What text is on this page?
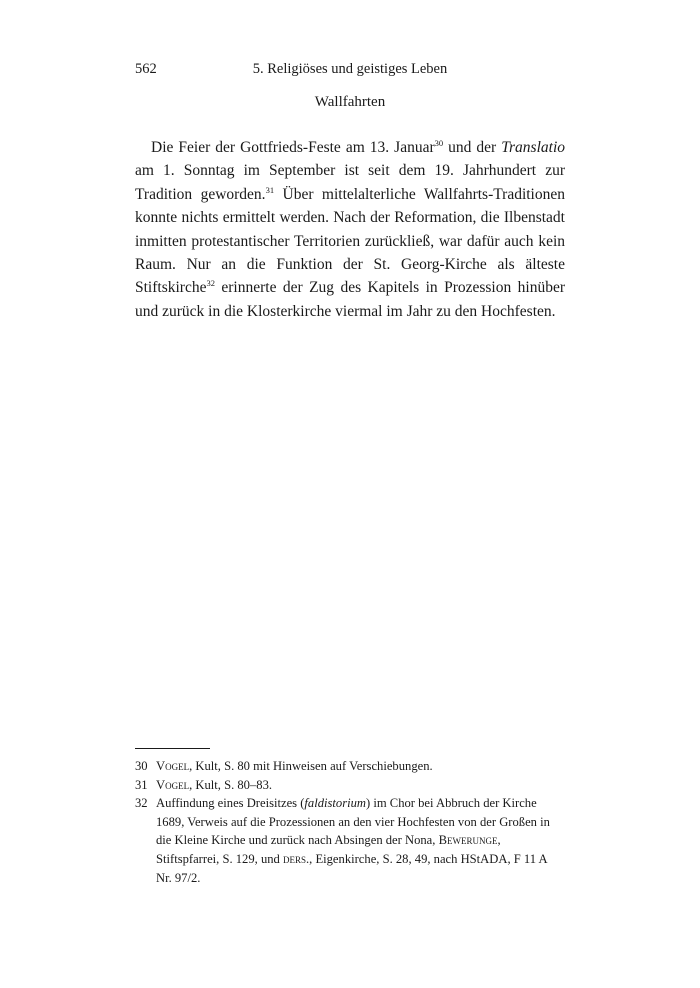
562	5. Religiöses und geistiges Leben
Wallfahrten

Die Feier der Gottfrieds-Feste am 13. Januar$^{30}$ und der Translatio am 1. Sonntag im September ist seit dem 19. Jahrhundert zur Tradition geworden.$^{31}$ Über mittelalterliche Wallfahrts-Traditionen konnte nichts ermittelt werden. Nach der Reformation, die Ilbenstadt inmitten protestantischer Territorien zurückließ, war dafür auch kein Raum. Nur an die Funktion der St. Georg-Kirche als älteste Stiftskirche$^{32}$ erinnerte der Zug des Kapitels in Prozession hinüber und zurück in die Klosterkirche viermal im Jahr zu den Hochfesten.

30 Vogel, Kult, S. 80 mit Hinweisen auf Verschiebungen.
31 Vogel, Kult, S. 80–83.
32 Auffindung eines Dreisitzes (faldistorium) im Chor bei Abbruch der Kirche 1689, Verweis auf die Prozessionen an den vier Hochfesten von der Großen in die Kleine Kirche und zurück nach Absingen der Nona, Bewerunge, Stiftspfarrei, S. 129, und ders., Eigenkirche, S. 28, 49, nach HStADA, F 11 A Nr. 97/2.
